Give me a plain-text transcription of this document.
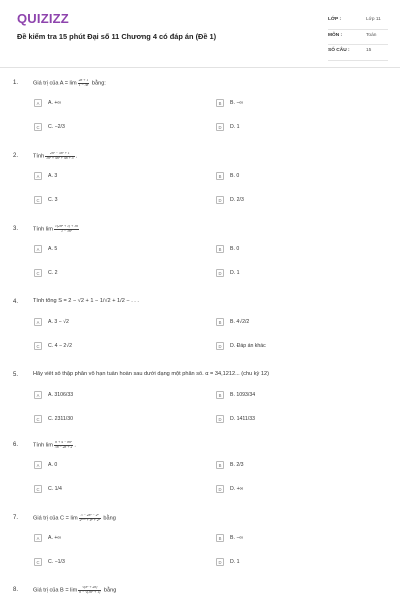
QUIZIZZ
Đề kiểm tra 15 phút Đại số 11 Chương 4 có đáp án (Đề 1)
LỚP :	Lớp 11
MÔN :	Toán
SỐ CÂU :	15
1.	Giá trị của $A = \lim \frac{2n + 1}{1 - 3n}$ bằng:
A	A. +∞	B	B. −∞
C	C. −2/3	D	D. 1
2.	Tính $\frac{\text{2n³ − 5n² + 1}}{\text{3n³ + 4n² + 4n + 5}}$ .
A	A. 3	B	B. 0
C	C. 3	D	D. 2/3
3.	Tính $\lim \frac{\text{√(2n⁴ + 1) + 3n}}{\text{1 − 3n²}}$
A	A. 5	B	B. 0
C	C. 2	D	D. 1
4.	Tính tổng S = 2 − √2 + 1 − 1/√2 + 1/2 − . . .
A	A. 3 − √2	B	B. 4√2/2
C	C. 4 − 2√2	D	D. Đáp án khác
5.	Hãy viết số thập phân vô hạn tuần hoàn sau dưới dạng một phân số. α = 34,1212... (chu kỳ 12)
A	A. 3106/33	B	B. 1093/34
C	C. 2311/30	D	D. 1411/33
6.	Tính $\lim \frac{\text{n + 4 − 8n²}}{3n - 2n + 2}$ .
A	A. 0	B	B. 2/3
C	C. 1/4	D	D. +∞
7.	Giá trị của $C = \lim \frac{\text{3 − 2n³ − 2ⁿ}}{\text{2ⁿ⁺¹ + 4ⁿ + 2ⁿ}}$ bằng
A	A. +∞	B	B. −∞
C	C. −1/3	D	D. 1
8.	Giá trị của $B = \lim \frac{\text{√(n² + 2n)}}{\text{n − √(3n² + 1)}}$ bằng
